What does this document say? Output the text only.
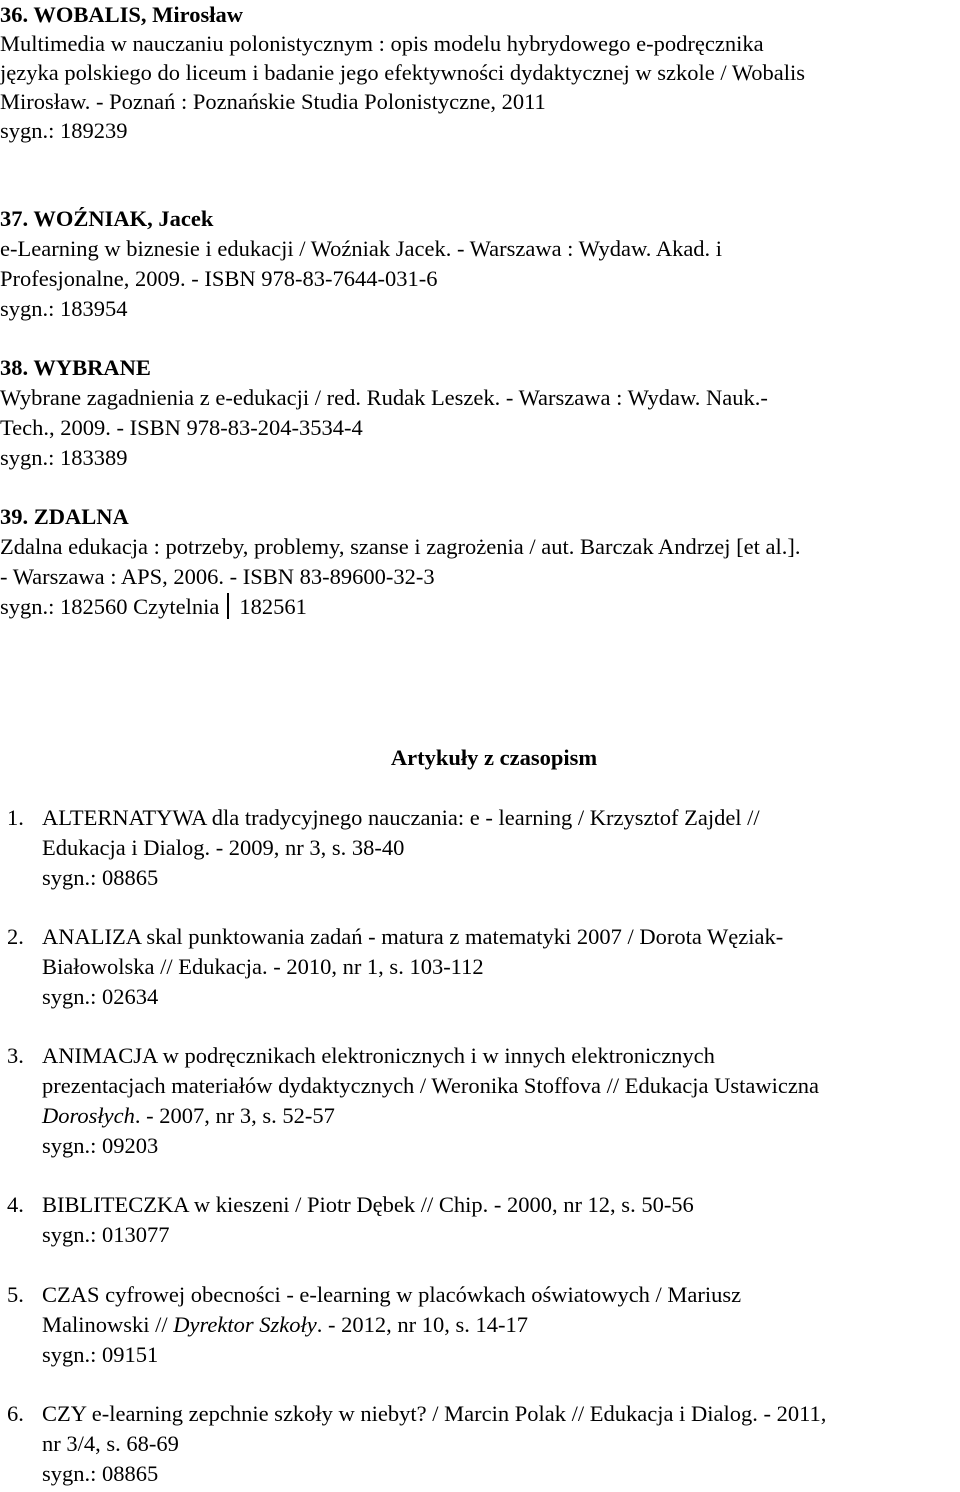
36. WOBALIS, Mirosław
Multimedia w nauczaniu polonistycznym : opis modelu hybrydowego e-podręcznika
języka polskiego do liceum i badanie jego efektywności dydaktycznej w szkole / Wobalis
Mirosław. - Poznań : Poznańskie Studia Polonistyczne, 2011
sygn.: 189239
37. WOŹNIAK, Jacek
e-Learning w biznesie i edukacji / Woźniak Jacek. - Warszawa : Wydaw. Akad. i
Profesjonalne, 2009. - ISBN 978-83-7644-031-6
sygn.: 183954
38. WYBRANE
Wybrane zagadnienia z e-edukacji / red. Rudak Leszek. - Warszawa : Wydaw. Nauk.-
Tech., 2009. - ISBN 978-83-204-3534-4
sygn.: 183389
39. ZDALNA
Zdalna edukacja : potrzeby, problemy, szanse i zagrożenia / aut. Barczak Andrzej [et al.].
- Warszawa : APS, 2006. - ISBN 83-89600-32-3
sygn.: 182560 Czytelnia 182561
Artykuły z czasopism
1. ALTERNATYWA dla tradycyjnego nauczania: e - learning / Krzysztof Zajdel //
Edukacja i Dialog. - 2009, nr 3, s. 38-40
sygn.: 08865
2. ANALIZA skal punktowania zadań - matura z matematyki 2007 / Dorota Węziak-
Białowolska // Edukacja. - 2010, nr 1, s. 103-112
sygn.: 02634
3. ANIMACJA w podręcznikach elektronicznych i w innych elektronicznych
prezentacjach materiałów dydaktycznych / Weronika Stoffova // Edukacja Ustawiczna
Dorosłych. - 2007, nr 3, s. 52-57
sygn.: 09203
4. BIBLITECZKA w kieszeni / Piotr Dębek // Chip. - 2000, nr 12, s. 50-56
sygn.: 013077
5. CZAS cyfrowej obecności - e-learning w placówkach oświatowych / Mariusz
Malinowski // Dyrektor Szkoły. - 2012, nr 10, s. 14-17
sygn.: 09151
6. CZY e-learning zepchnie szkoły w niebyt? / Marcin Polak // Edukacja i Dialog. - 2011,
nr 3/4, s. 68-69
sygn.: 08865
